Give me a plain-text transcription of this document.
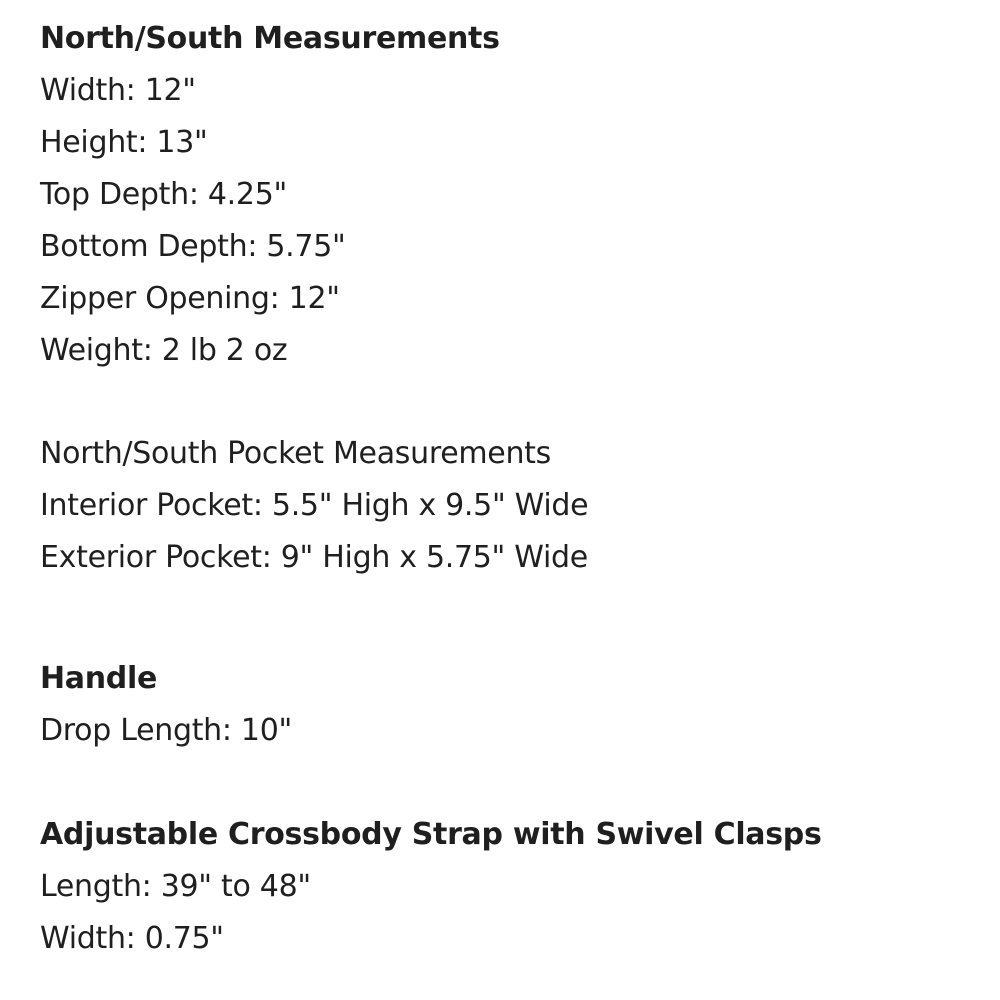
North/South Measurements
Width: 12"
Height: 13"
Top Depth: 4.25"
Bottom Depth: 5.75"
Zipper Opening: 12"
Weight: 2 lb 2 oz
North/South Pocket Measurements
Interior Pocket: 5.5" High x 9.5" Wide
Exterior Pocket: 9" High x 5.75" Wide
Handle
Drop Length: 10"
Adjustable Crossbody Strap with Swivel Clasps
Length: 39" to 48"
Width: 0.75"
